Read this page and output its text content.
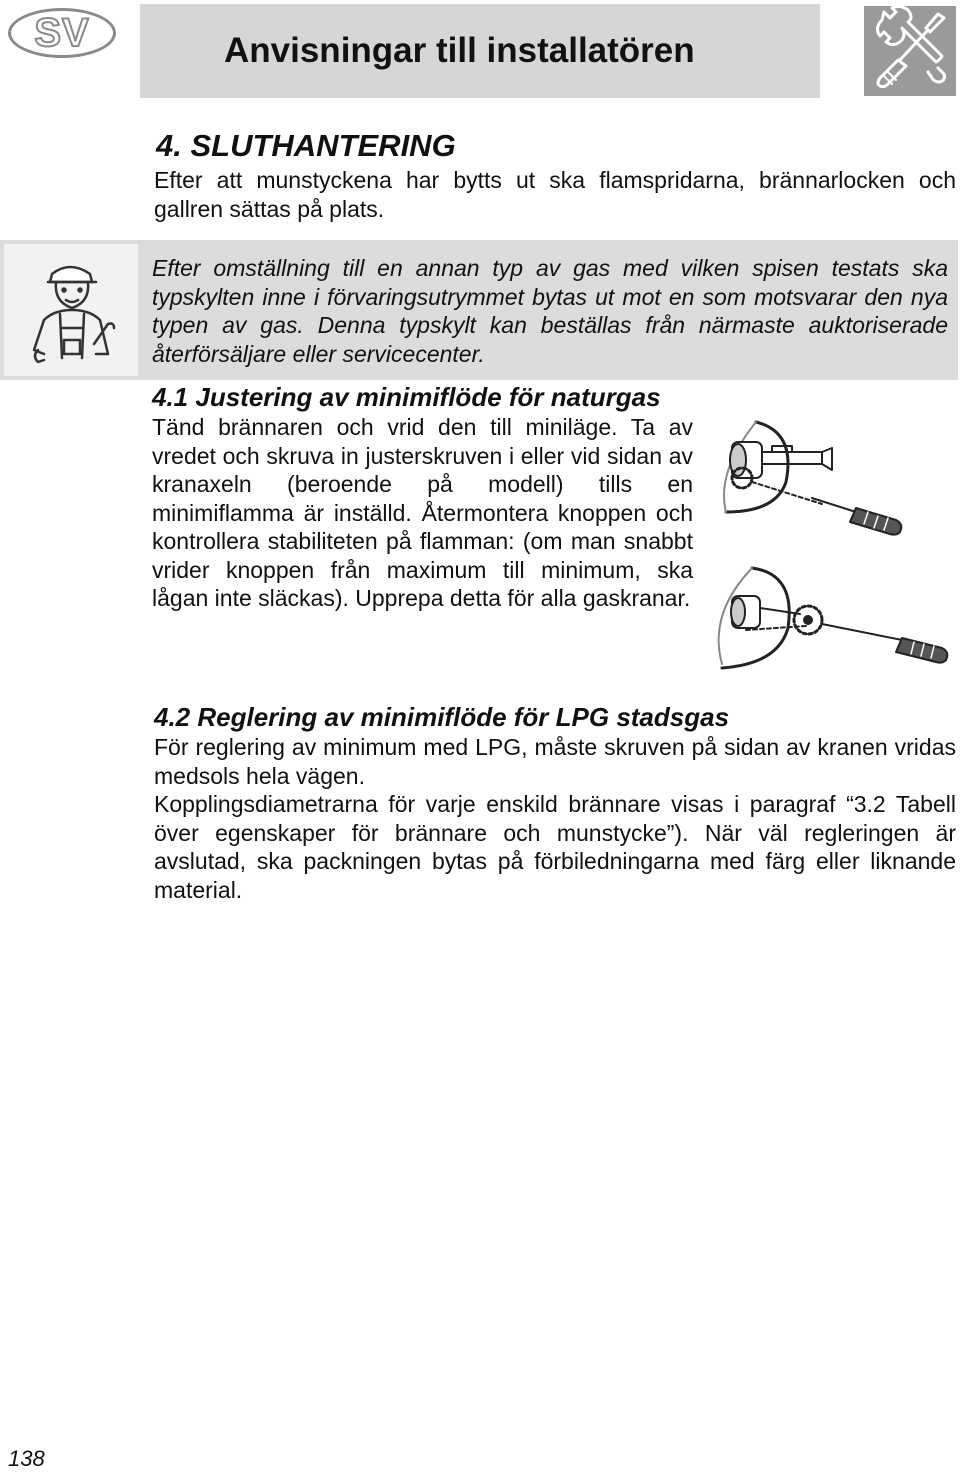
SV	Anvisningar till installatören
4. SLUTHANTERING

Efter att munstyckena har bytts ut ska flamspridarna, brännarlocken och gallren sättas på plats.

Efter omställning till en annan typ av gas med vilken spisen testats ska typskylten inne i förvaringsutrymmet bytas ut mot en som motsvarar den nya typen av gas. Denna typskylt kan beställas från närmaste auktoriserade återförsäljare eller servicecenter.

4.1 Justering av minimiflöde för naturgas

Tänd brännaren och vrid den till miniläge. Ta av vredet och skruva in justerskruven i eller vid sidan av kranaxeln (beroende på modell) tills en minimiflamma är inställd. Återmontera knoppen och kontrollera stabiliteten på flamman: (om man snabbt vrider knoppen från maximum till minimum, ska lågan inte släckas). Upprepa detta för alla gaskranar.

4.2 Reglering av minimiflöde för LPG stadsgas
För reglering av minimum med LPG, måste skruven på sidan av kranen vridas medsols hela vägen.
Kopplingsdiametrarna för varje enskild brännare visas i paragraf “3.2 Tabell över egenskaper för brännare och munstycke”). När väl regleringen är avslutad, ska packningen bytas på förbiledningarna med färg eller liknande material.

138
